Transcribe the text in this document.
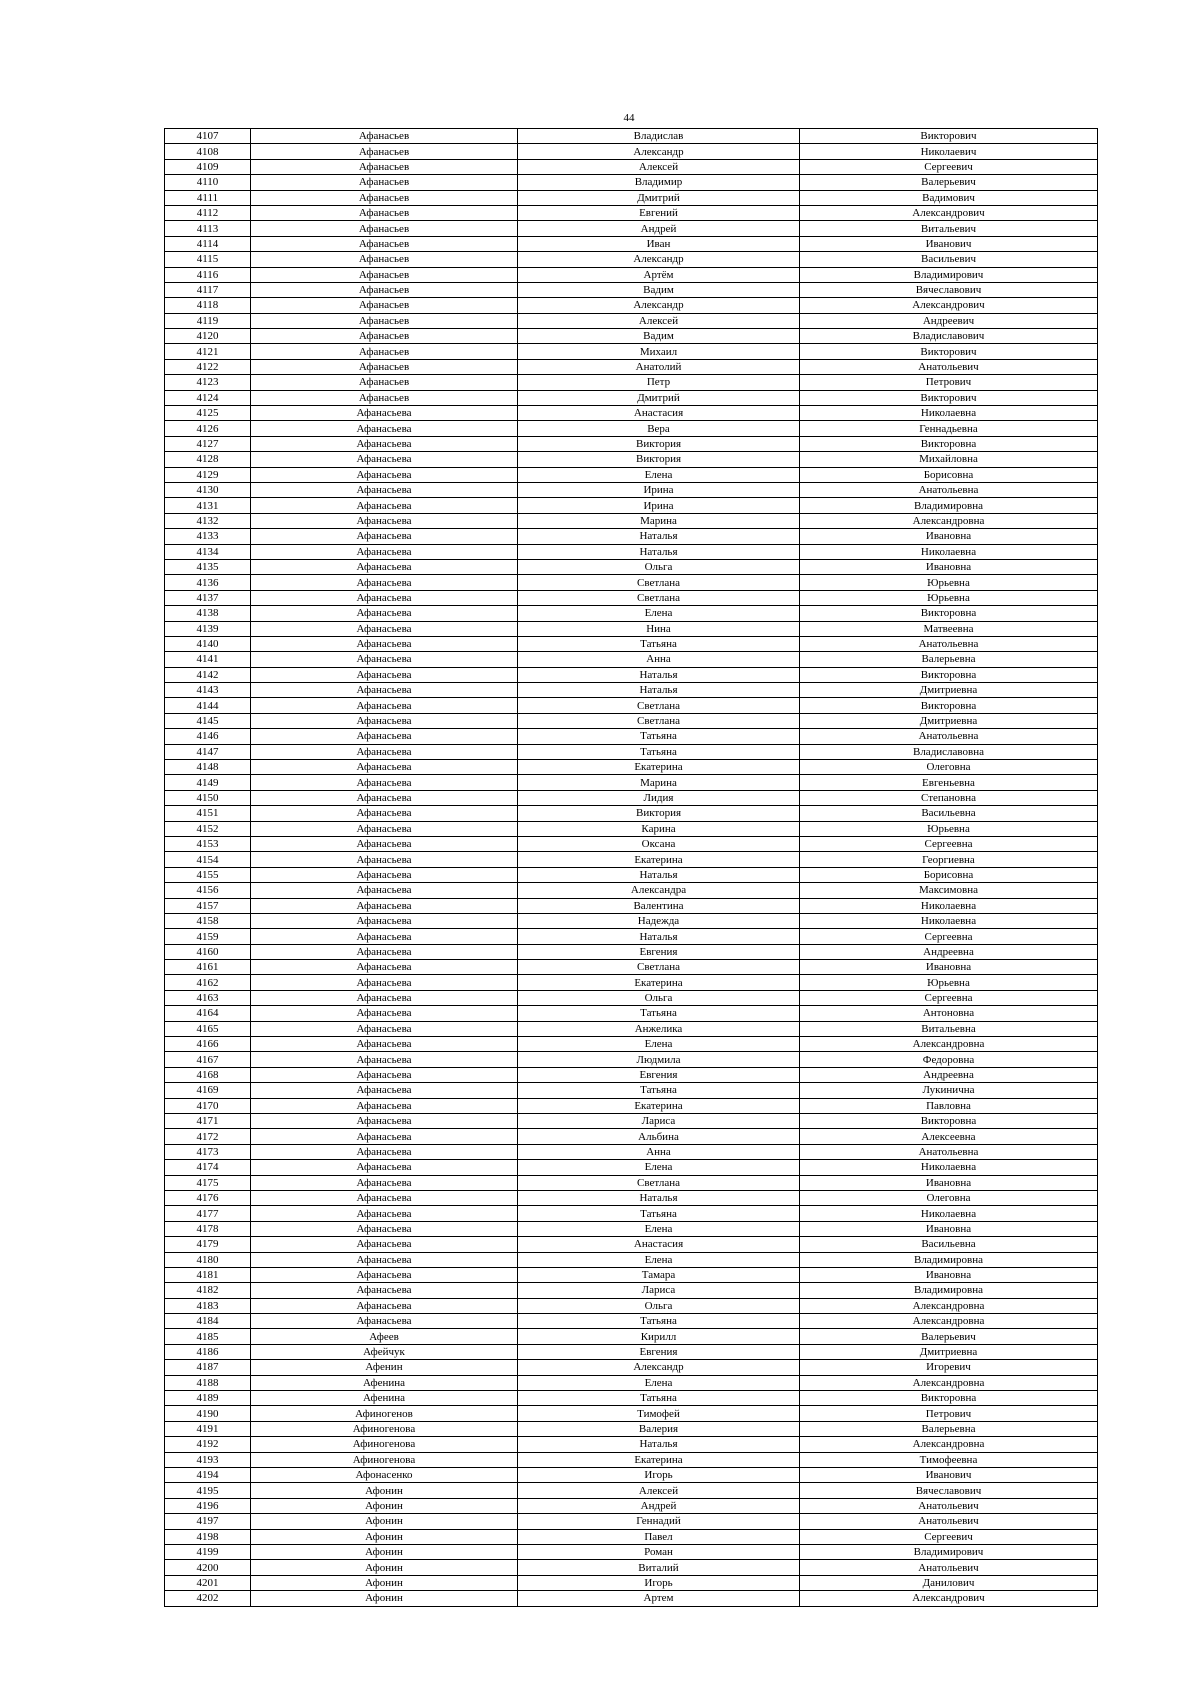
44
4107	Афанасьев	Владислав	Викторович
4108	Афанасьев	Александр	Николаевич
4109	Афанасьев	Алексей	Сергеевич
4110	Афанасьев	Владимир	Валерьевич
4111	Афанасьев	Дмитрий	Вадимович
4112	Афанасьев	Евгений	Александрович
4113	Афанасьев	Андрей	Витальевич
4114	Афанасьев	Иван	Иванович
4115	Афанасьев	Александр	Васильевич
4116	Афанасьев	Артём	Владимирович
4117	Афанасьев	Вадим	Вячеславович
4118	Афанасьев	Александр	Александрович
4119	Афанасьев	Алексей	Андреевич
4120	Афанасьев	Вадим	Владиславович
4121	Афанасьев	Михаил	Викторович
4122	Афанасьев	Анатолий	Анатольевич
4123	Афанасьев	Петр	Петрович
4124	Афанасьев	Дмитрий	Викторович
4125	Афанасьева	Анастасия	Николаевна
4126	Афанасьева	Вера	Геннадьевна
4127	Афанасьева	Виктория	Викторовна
4128	Афанасьева	Виктория	Михайловна
4129	Афанасьева	Елена	Борисовна
4130	Афанасьева	Ирина	Анатольевна
4131	Афанасьева	Ирина	Владимировна
4132	Афанасьева	Марина	Александровна
4133	Афанасьева	Наталья	Ивановна
4134	Афанасьева	Наталья	Николаевна
4135	Афанасьева	Ольга	Ивановна
4136	Афанасьева	Светлана	Юрьевна
4137	Афанасьева	Светлана	Юрьевна
4138	Афанасьева	Елена	Викторовна
4139	Афанасьева	Нина	Матвеевна
4140	Афанасьева	Татьяна	Анатольевна
4141	Афанасьева	Анна	Валерьевна
4142	Афанасьева	Наталья	Викторовна
4143	Афанасьева	Наталья	Дмитриевна
4144	Афанасьева	Светлана	Викторовна
4145	Афанасьева	Светлана	Дмитриевна
4146	Афанасьева	Татьяна	Анатольевна
4147	Афанасьева	Татьяна	Владиславовна
4148	Афанасьева	Екатерина	Олеговна
4149	Афанасьева	Марина	Евгеньевна
4150	Афанасьева	Лидия	Степановна
4151	Афанасьева	Виктория	Васильевна
4152	Афанасьева	Карина	Юрьевна
4153	Афанасьева	Оксана	Сергеевна
4154	Афанасьева	Екатерина	Георгиевна
4155	Афанасьева	Наталья	Борисовна
4156	Афанасьева	Александра	Максимовна
4157	Афанасьева	Валентина	Николаевна
4158	Афанасьева	Надежда	Николаевна
4159	Афанасьева	Наталья	Сергеевна
4160	Афанасьева	Евгения	Андреевна
4161	Афанасьева	Светлана	Ивановна
4162	Афанасьева	Екатерина	Юрьевна
4163	Афанасьева	Ольга	Сергеевна
4164	Афанасьева	Татьяна	Антоновна
4165	Афанасьева	Анжелика	Витальевна
4166	Афанасьева	Елена	Александровна
4167	Афанасьева	Людмила	Федоровна
4168	Афанасьева	Евгения	Андреевна
4169	Афанасьева	Татьяна	Лукинична
4170	Афанасьева	Екатерина	Павловна
4171	Афанасьева	Лариса	Викторовна
4172	Афанасьева	Альбина	Алексеевна
4173	Афанасьева	Анна	Анатольевна
4174	Афанасьева	Елена	Николаевна
4175	Афанасьева	Светлана	Ивановна
4176	Афанасьева	Наталья	Олеговна
4177	Афанасьева	Татьяна	Николаевна
4178	Афанасьева	Елена	Ивановна
4179	Афанасьева	Анастасия	Васильевна
4180	Афанасьева	Елена	Владимировна
4181	Афанасьева	Тамара	Ивановна
4182	Афанасьева	Лариса	Владимировна
4183	Афанасьева	Ольга	Александровна
4184	Афанасьева	Татьяна	Александровна
4185	Афеев	Кирилл	Валерьевич
4186	Афейчук	Евгения	Дмитриевна
4187	Афенин	Александр	Игоревич
4188	Афенина	Елена	Александровна
4189	Афенина	Татьяна	Викторовна
4190	Афиногенов	Тимофей	Петрович
4191	Афиногенова	Валерия	Валерьевна
4192	Афиногенова	Наталья	Александровна
4193	Афиногенова	Екатерина	Тимофеевна
4194	Афонасенко	Игорь	Иванович
4195	Афонин	Алексей	Вячеславович
4196	Афонин	Андрей	Анатольевич
4197	Афонин	Геннадий	Анатольевич
4198	Афонин	Павел	Сергеевич
4199	Афонин	Роман	Владимирович
4200	Афонин	Виталий	Анатольевич
4201	Афонин	Игорь	Данилович
4202	Афонин	Артем	Александрович
